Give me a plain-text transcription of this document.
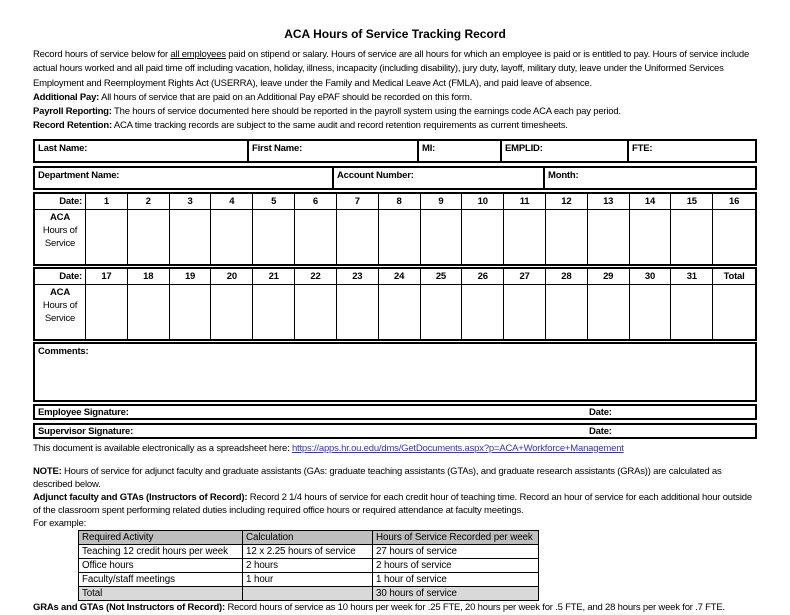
ACA Hours of Service Tracking Record
Record hours of service below for all employees paid on stipend or salary. Hours of service are all hours for which an employee is paid or is entitled to pay. Hours of service include actual hours worked and all paid time off including vacation, holiday, illness, incapacity (including disability), jury duty, layoff, military duty, leave under the Uniformed Services Employment and Reemployment Rights Act (USERRA), leave under the Family and Medical Leave Act (FMLA), and paid leave of absence.
Additional Pay: All hours of service that are paid on an Additional Pay ePAF should be recorded on this form.
Payroll Reporting: The hours of service documented here should be reported in the payroll system using the earnings code ACA each pay period.
Record Retention: ACA time tracking records are subject to the same audit and record retention requirements as current timesheets.
Last Name:	First Name:	MI:	EMPLID:	FTE:
Department Name:	Account Number:	Month:
Date:	1	2	3	4	5	6	7	8	9	10	11	12	13	14	15	16
ACA
Hours of
Service
Date:	17	18	19	20	21	22	23	24	25	26	27	28	29	30	31	Total
ACA
Hours of
Service
Comments:
Employee Signature:	Date:
Supervisor Signature:	Date:
This document is available electronically as a spreadsheet here: https://apps.hr.ou.edu/dms/GetDocuments.aspx?p=ACA+Workforce+Management
NOTE: Hours of service for adjunct faculty and graduate assistants (GAs: graduate teaching assistants (GTAs), and graduate research assistants (GRAs)) are calculated as described below.
Adjunct faculty and GTAs (Instructors of Record): Record 2 1/4 hours of service for each credit hour of teaching time. Record an hour of service for each additional hour outside of the classroom spent performing related duties including required office hours or required attendance at faculty meetings.
For example:
Required Activity	Calculation	Hours of Service Recorded per week
Teaching 12 credit hours per week	12 x 2.25 hours of service	27 hours of service
Office hours	2 hours	2 hours of service
Faculty/staff meetings	1 hour	1 hour of service
Total		30 hours of service
GRAs and GTAs (Not Instructors of Record): Record hours of service as 10 hours per week for .25 FTE, 20 hours per week for .5 FTE, and 28 hours per week for .7 FTE.
